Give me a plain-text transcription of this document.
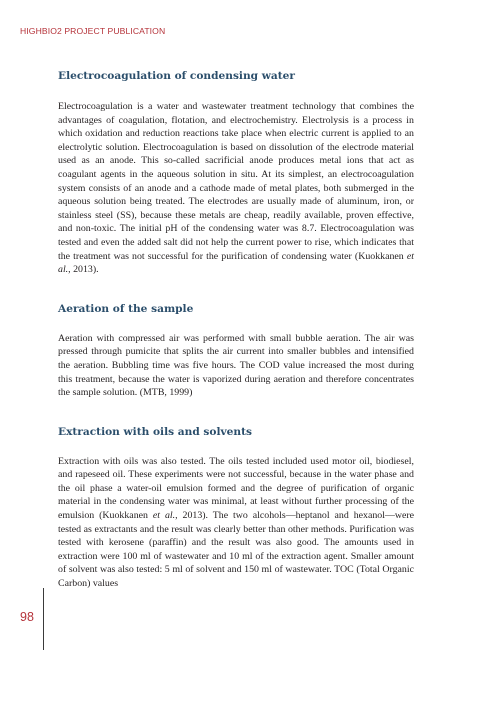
HIGHBIO2 PROJECT PUBLICATION
Electrocoagulation of condensing water

Electrocoagulation is a water and wastewater treatment technology that combines the advantages of coagulation, flotation, and electrochemistry. Electrolysis is a process in which oxidation and reduction reactions take place when electric current is applied to an electrolytic solution. Electrocoagulation is based on dissolution of the electrode material used as an anode. This so-called sacrificial anode produces metal ions that act as coagulant agents in the aqueous solution in situ. At its simplest, an electrocoagulation system consists of an anode and a cathode made of metal plates, both submerged in the aqueous solution being treated. The electrodes are usually made of aluminum, iron, or stainless steel (SS), because these metals are cheap, readily available, proven effective, and non-toxic. The initial pH of the condensing water was 8.7. Electrocoagulation was tested and even the added salt did not help the current power to rise, which indicates that the treatment was not successful for the purification of condensing water (Kuokkanen et al., 2013).

Aeration of the sample

Aeration with compressed air was performed with small bubble aeration. The air was pressed through pumicite that splits the air current into smaller bubbles and intensified the aeration. Bubbling time was five hours. The COD value increased the most during this treatment, because the water is vaporized during aeration and therefore concentrates the sample solution. (MTB, 1999)

Extraction with oils and solvents

Extraction with oils was also tested. The oils tested included used motor oil, biodiesel, and rapeseed oil. These experiments were not successful, because in the water phase and the oil phase a water-oil emulsion formed and the degree of purification of organic material in the condensing water was minimal, at least without further processing of the emulsion (Kuokkanen et al., 2013). The two alcohols—heptanol and hexanol—were tested as extractants and the result was clearly better than other methods. Purification was tested with kerosene (paraffin) and the result was also good. The amounts used in extraction were 100 ml of wastewater and 10 ml of the extraction agent. Smaller amount of solvent was also tested: 5 ml of solvent and 150 ml of wastewater. TOC (Total Organic Carbon) values

98
